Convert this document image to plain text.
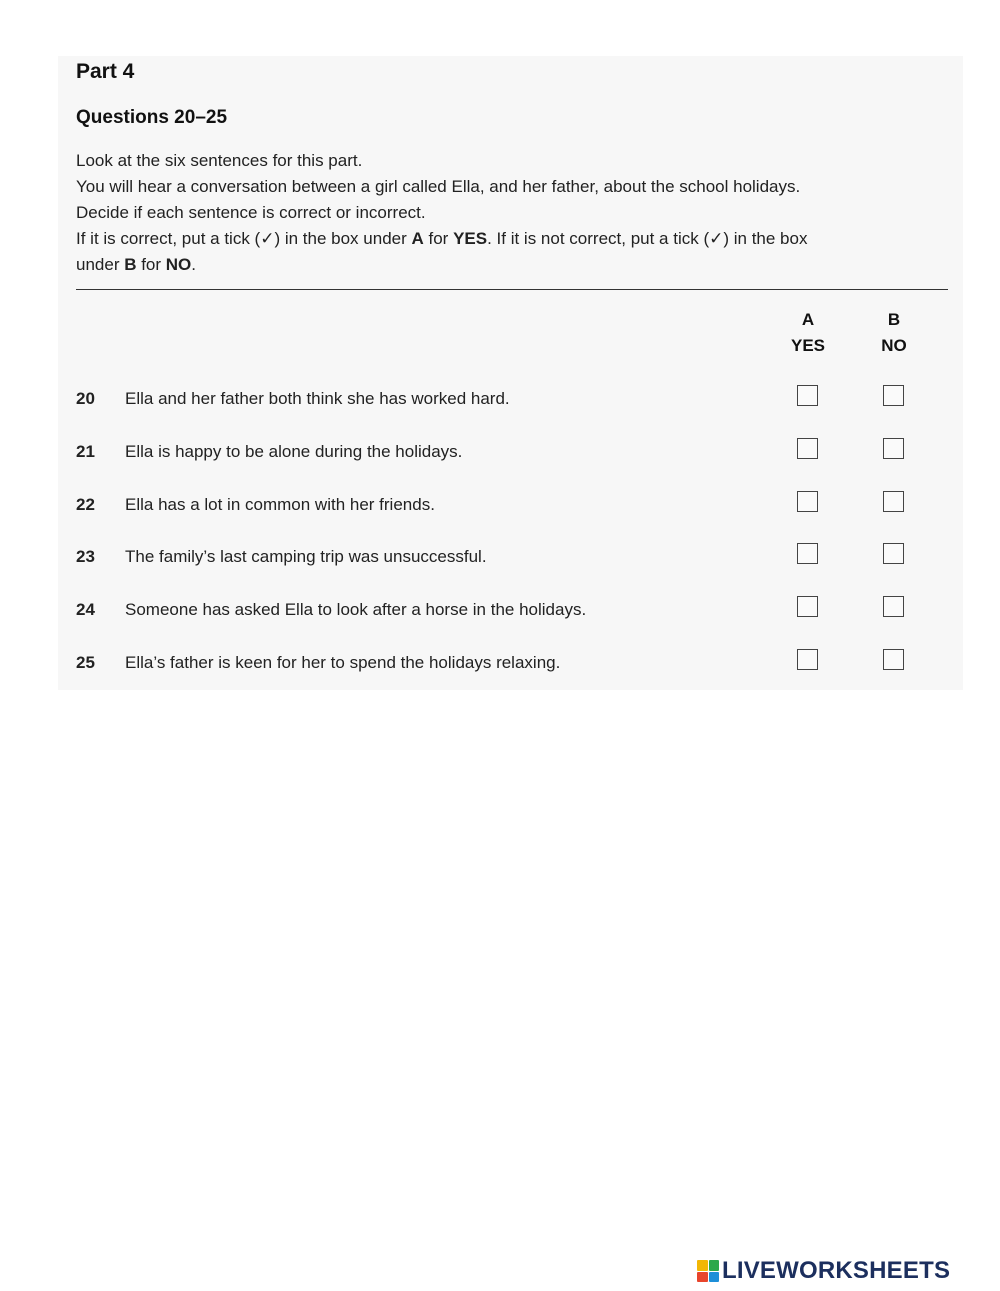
Part 4
Questions 20–25

Look at the six sentences for this part.

You will hear a conversation between a girl called Ella, and her father, about the school holidays.

Decide if each sentence is correct or incorrect.

If it is correct, put a tick (✓) in the box under A for YES. If it is not correct, put a tick (✓) in the box

under B for NO.

A
YES
B
NO
20 Ella and her father both think she has worked hard.
21 Ella is happy to be alone during the holidays.
22 Ella has a lot in common with her friends.
23 The family’s last camping trip was unsuccessful.
24 Someone has asked Ella to look after a horse in the holidays.
25 Ella’s father is keen for her to spend the holidays relaxing.
LIVEWORKSHEETS
